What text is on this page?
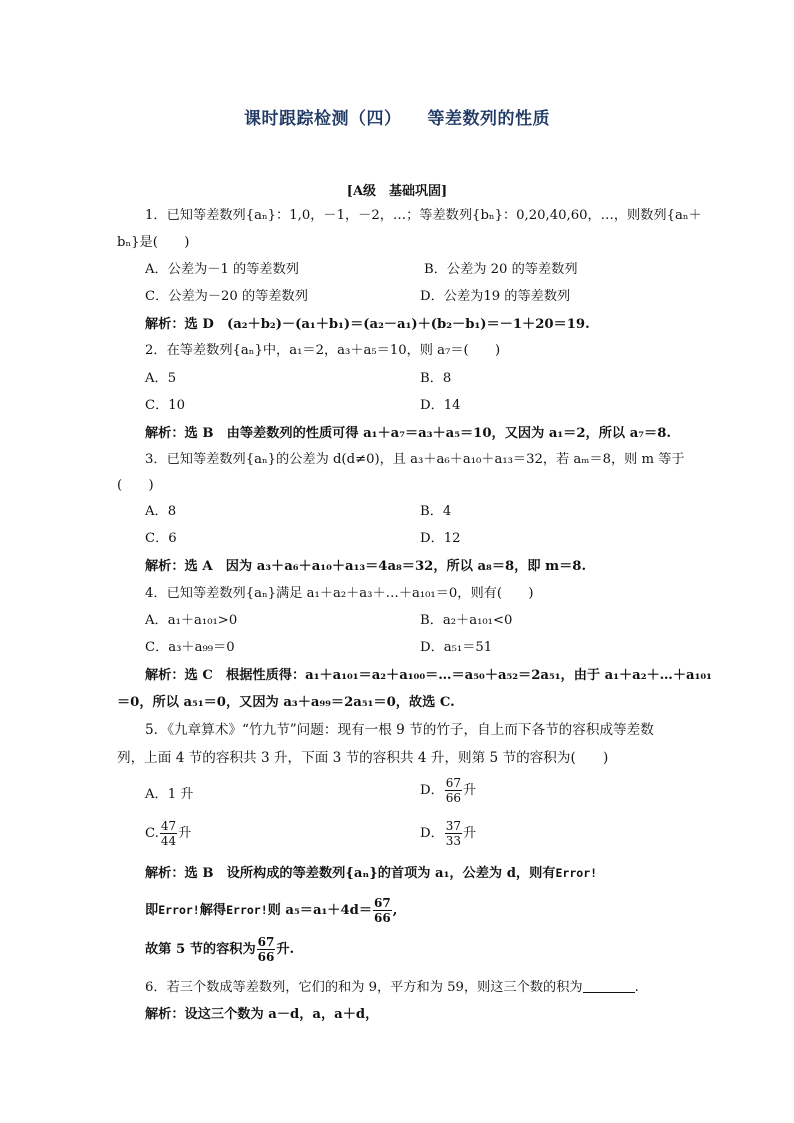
课时跟踪检测（四） 等差数列的性质
[A级　基础巩固]
1．已知等差数列{aₙ}：1,0，－1，－2，…；等差数列{bₙ}：0,20,40,60，…，则数列{aₙ＋
bₙ}是(　　)
A．公差为－1 的等差数列	B．公差为 20 的等差数列
C．公差为－20 的等差数列	D．公差为19 的等差数列
解析：选 D　(a₂＋b₂)－(a₁＋b₁)＝(a₂－a₁)＋(b₂－b₁)＝－1＋20＝19.
2．在等差数列{aₙ}中，a₁＝2，a₃＋a₅＝10，则 a₇＝(　　)
A．5	B．8
C．10	D．14
解析：选 B　由等差数列的性质可得 a₁＋a₇＝a₃＋a₅＝10，又因为 a₁＝2，所以 a₇＝8.
3．已知等差数列{aₙ}的公差为 d(d≠0)，且 a₃＋a₆＋a₁₀＋a₁₃＝32，若 aₘ＝8，则 m 等于
(　　)
A．8	B．4
C．6	D．12
解析：选 A　因为 a₃＋a₆＋a₁₀＋a₁₃＝4a₈＝32，所以 a₈＝8，即 m＝8.
4．已知等差数列{aₙ}满足 a₁＋a₂＋a₃＋…＋a₁₀₁＝0，则有(　　)
A．a₁＋a₁₀₁>0	B．a₂＋a₁₀₁<0
C．a₃＋a₉₉＝0	D．a₅₁＝51
解析：选 C　根据性质得：a₁＋a₁₀₁＝a₂＋a₁₀₀＝…＝a₅₀＋a₅₂＝2a₅₁，由于 a₁＋a₂＋…＋a₁₀₁
＝0，所以 a₅₁＝0，又因为 a₃＋a₉₉＝2a₅₁＝0，故选 C.
5．《九章算术》“竹九节”问题：现有一根 9 节的竹子，自上而下各节的容积成等差数
列，上面 4 节的容积共 3 升，下面 3 节的容积共 4 升，则第 5 节的容积为(　　)
A．1 升	D． $\frac{67}{66}$ 升
C. $\frac{47}{44}$ 升	D． $\frac{37}{33}$ 升
解析：选 B　设所构成的等差数列{aₙ}的首项为 a₁，公差为 d，则有Error!
即Error!解得Error!则 $a_5=a_1+4d= \frac{67}{66}$ ,
故第 5 节的容积为 $\frac{67}{66}$ 升.
6．若三个数成等差数列，它们的和为 9，平方和为 59，则这三个数的积为	.
解析：设这三个数为 a－d，a，a＋d，
